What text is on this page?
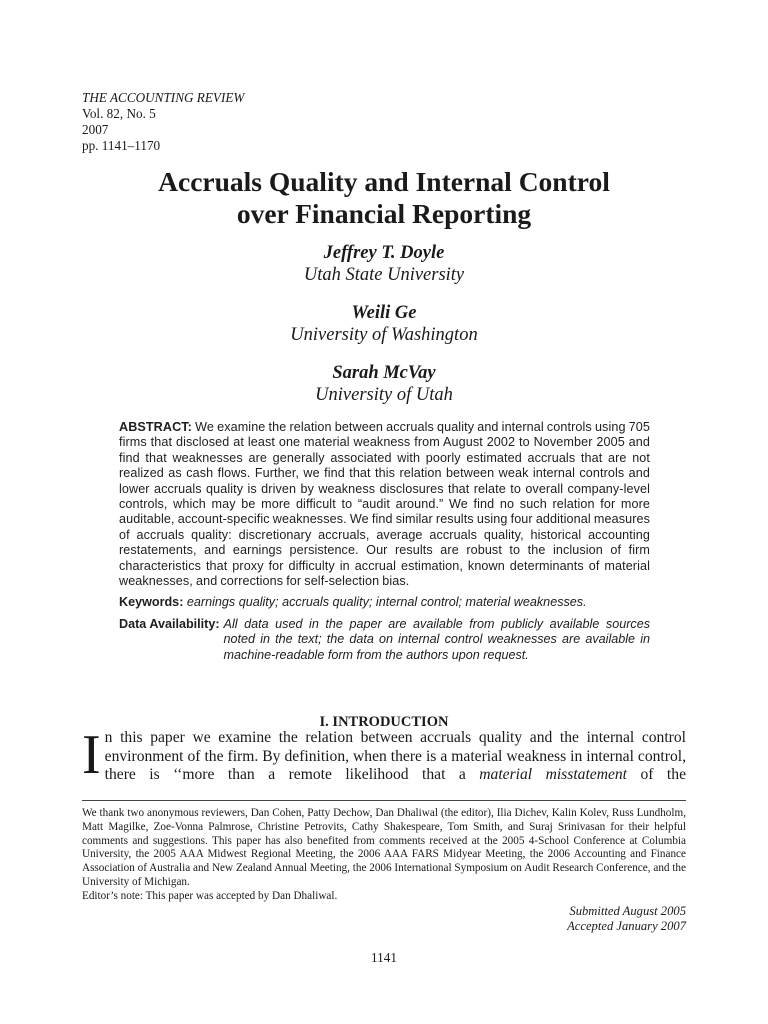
THE ACCOUNTING REVIEW
Vol. 82, No. 5
2007
pp. 1141–1170
Accruals Quality and Internal Control
over Financial Reporting
Jeffrey T. Doyle
Utah State University
Weili Ge
University of Washington
Sarah McVay
University of Utah

ABSTRACT: We examine the relation between accruals quality and internal controls using 705 firms that disclosed at least one material weakness from August 2002 to November 2005 and find that weaknesses are generally associated with poorly estimated accruals that are not realized as cash flows. Further, we find that this relation between weak internal controls and lower accruals quality is driven by weakness disclosures that relate to overall company-level controls, which may be more difficult to “audit around.” We find no such relation for more auditable, account-specific weaknesses. We find similar results using four additional measures of accruals quality: discretionary accruals, average accruals quality, historical accounting restatements, and earnings persistence. Our results are robust to the inclusion of firm characteristics that proxy for difficulty in accrual estimation, known determinants of material weaknesses, and corrections for self-selection bias.

Keywords: earnings quality; accruals quality; internal control; material weaknesses.

Data Availability: All data used in the paper are available from publicly available sources noted in the text; the data on internal control weaknesses are available in machine-readable form from the authors upon request.
I. INTRODUCTION
I n this paper we examine the relation between accruals quality and the internal control environment of the firm. By definition, when there is a material weakness in internal control, there is ‘‘more than a remote likelihood that a material misstatement of the

We thank two anonymous reviewers, Dan Cohen, Patty Dechow, Dan Dhaliwal (the editor), Ilia Dichev, Kalin Kolev, Russ Lundholm, Matt Magilke, Zoe-Vonna Palmrose, Christine Petrovits, Cathy Shakespeare, Tom Smith, and Suraj Srinivasan for their helpful comments and suggestions. This paper has also benefited from comments received at the 2005 4-School Conference at Columbia University, the 2005 AAA Midwest Regional Meeting, the 2006 AAA FARS Midyear Meeting, the 2006 Accounting and Finance Association of Australia and New Zealand Annual Meeting, the 2006 International Symposium on Audit Research Conference, and the University of Michigan.

Editor’s note: This paper was accepted by Dan Dhaliwal.

Submitted August 2005
Accepted January 2007
1141
